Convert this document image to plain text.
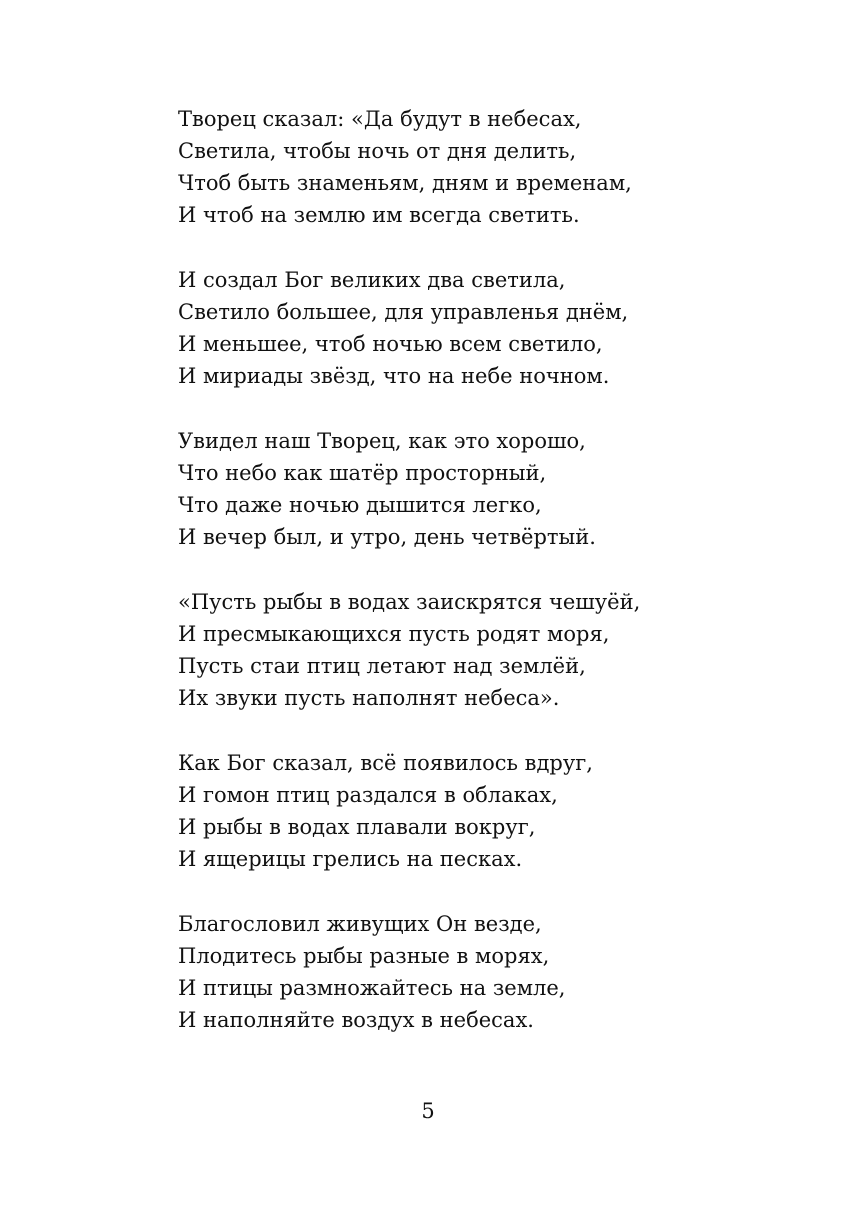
Творец сказал: «Да будут в небесах,
Светила, чтобы ночь от дня делить,
Чтоб быть знаменьям, дням и временам,
И чтоб на землю им всегда светить.
И создал Бог великих два светила,
Светило большее, для управленья днём,
И меньшее, чтоб ночью всем светило,
И мириады звёзд, что на небе ночном.
Увидел наш Творец, как это хорошо,
Что небо как шатёр просторный,
Что даже ночью дышится легко,
И вечер был, и утро, день четвёртый.
«Пусть рыбы в водах заискрятся чешуёй,
И пресмыкающихся пусть родят моря,
Пусть стаи птиц летают над землёй,
Их звуки пусть наполнят небеса».
Как Бог сказал, всё появилось вдруг,
И гомон птиц раздался в облаках,
И рыбы в водах плавали вокруг,
И ящерицы грелись на песках.
Благословил живущих Он везде,
Плодитесь рыбы разные в морях,
И птицы размножайтесь на земле,
И наполняйте воздух в небесах.
5
